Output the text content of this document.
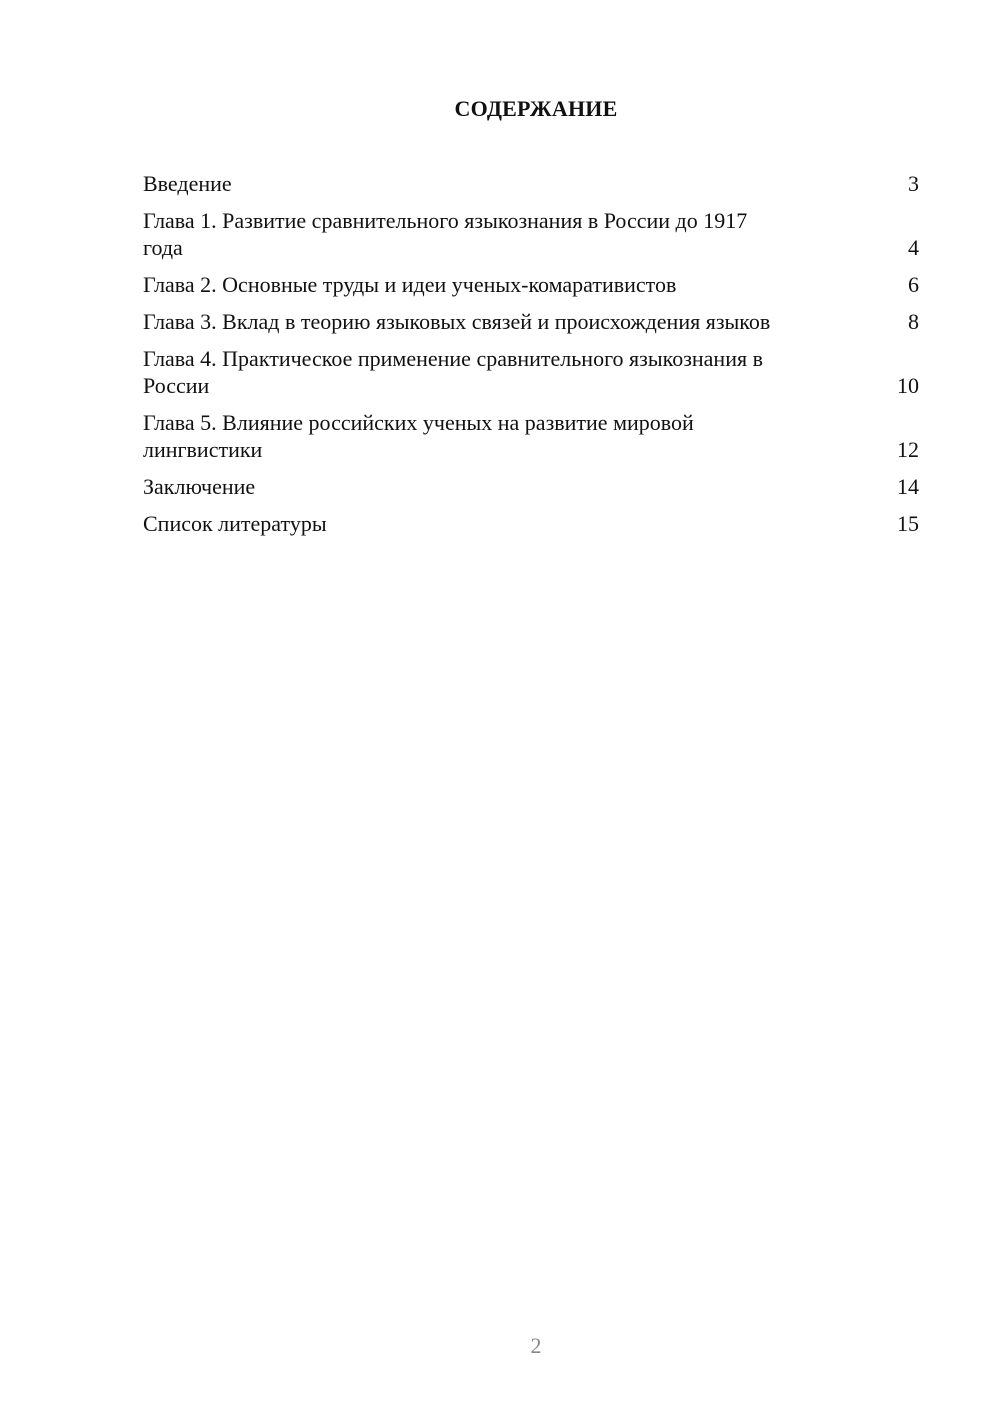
СОДЕРЖАНИЕ
Введение	3
Глава 1. Развитие сравнительного языкознания в России до 1917 года	4
Глава 2. Основные труды и идеи ученых-комаративистов	6
Глава 3. Вклад в теорию языковых связей и происхождения языков	8
Глава 4. Практическое применение сравнительного языкознания в России	10
Глава 5. Влияние российских ученых на развитие мировой лингвистики	12
Заключение	14
Список литературы	15
2
